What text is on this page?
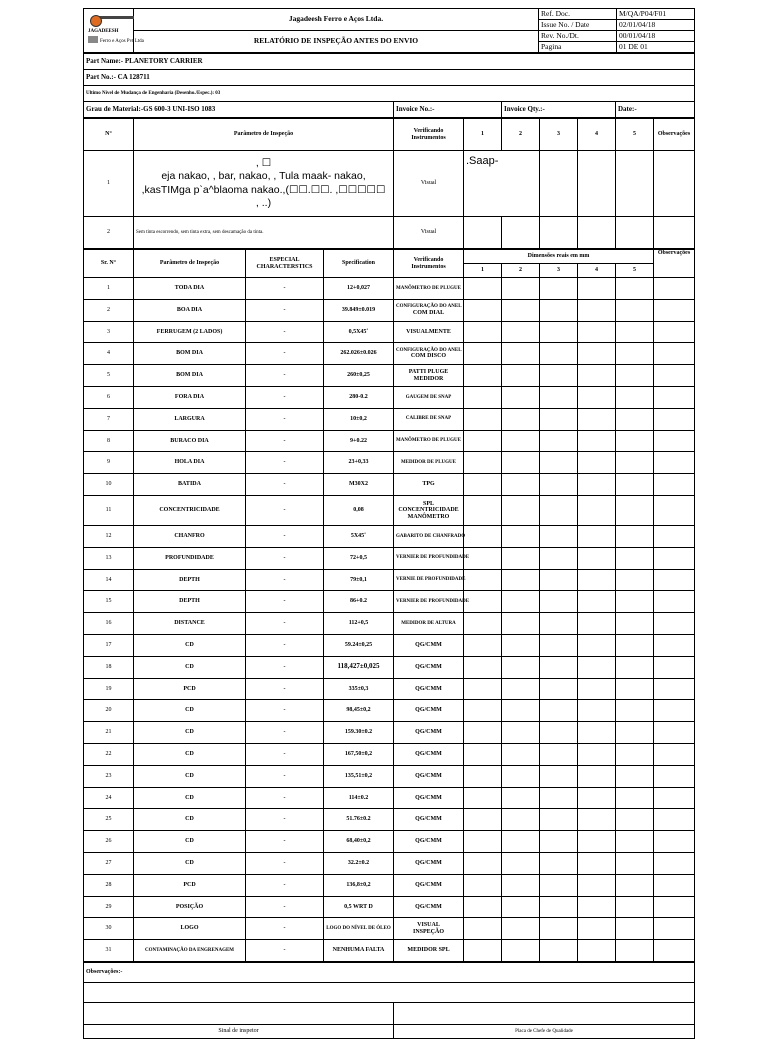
JAGADEESH
Ferro e Aços Pvt Ltda	Jagadeesh Ferro e Aços Ltda.	Ref. Doc.	M/QA/P04/F01
		Issue No. / Date	02/01/04/18
	RELATÓRIO DE INSPEÇÃO ANTES DO ENVIO	Rev. No./Dt.	00/01/04/18
		Pagina	01 DE 01
Part Name:- PLANETORY CARRIER
Part No.:- CA 128711
Ultimo Nível de Mudança de Engenharia (Desenho./Espec.): 03
Grau de Material:-GS 600-3 UNI-ISO 1083	Invoice No.:-	Invoice Qty.:-	Date:-
N°	Parâmetro de Inspeção	Verificando Instrumentos	1	2	3	4	5	Observações
1	, ☐
eja nakao, , bar, nakao, , Tula maak- nakao,
,kasTIMga p`a^blaoma nakao.,(☐☐.☐☐. ,☐☐☐☐☐
, ..)	Visual	.Saap-					
2	Sem tinta escorrendo, sem tinta extra, sem descamação da tinta.	Visual						
Sr. N°	Parâmetro de Inspeção	ESPECIAL CHARACTERSTICS	Specification	Verificando Instrumentos	Dimensões reais em mm					Observações
					1	2	3	4	5	
1	TODA DIA	-	12+0,027	MANÔMETRO DE PLUGUE						

2	BOA DIA	-	39.849±0.019	CONFIGURAÇÃO DO ANEL
COM DIAL						

3	FERRUGEM (2 LADOS)	-	0,5X45˚	VISUALMENTE						

4	BOM DIA	-	262.026±0.026	CONFIGURAÇÃO DO ANEL
COM DISCO						

5	BOM DIA	-	260±0,25	PATTI PLUGE
MEDIDOR						

6	FORA DIA	-	280-0.2	GAUGEM DE SNAP						

7	LARGURA	-	10±0,2	CALIBRE DE SNAP						

8	BURACO DIA	-	9+0.22	MANÔMETRO DE PLUGUE						

9	HOLA DIA	-	23+0,33	MEDIDOR DE PLUGUE						

10	BATIDA	-	M30X2	TPG						

11	CONCENTRICIDADE	-	0,08	SPL
CONCENTRICIDADE
MANÔMETRO						

12	CHANFRO	-	5X45˚	GABARITO DE CHANFRADO						

13	PROFUNDIDADE	-	72+0,5	VERNIER DE PROFUNDIDADE						

14	DEPTH	-	79±0,1	VERNIE DE PROFUNDIDADE						

15	DEPTH	-	86+0.2	VERNIER DE PROFUNDIDADE						

16	DISTANCE	-	112+0,5	MEDIDOR DE ALTURA						

17	CD	-	59.24±0,25	QG/CMM						

18	CD	-	118,427±0,025	QG/CMM						

19	PCD	-	335±0,3	QG/CMM						

20	CD	-	98,45±0,2	QG/CMM						

21	CD	-	159.30±0.2	QG/CMM						

22	CD	-	167,50±0,2	QG/CMM						

23	CD	-	135,51±0,2	QG/CMM						

24	CD	-	114±0.2	QG/CMM						

25	CD	-	51.76±0.2	QG/CMM						

26	CD	-	68,40±0,2	QG/CMM						

27	CD	-	32.2±0.2	QG/CMM						

28	PCD	-	136,8±0,2	QG/CMM						

29	POSIÇÃO	-	0,5 WRT D	QG/CMM						

30	LOGO	-	LOGO DO NÍVEL DE ÓLEO	VISUAL
INSPEÇÃO						

31	CONTAMINAÇÃO DA ENGRENAGEM	-	NENHUMA FALTA	MEDIDOR SPL						

Observações:-	

Sinal de inspetor	Placa de Chefe de Qualidade
